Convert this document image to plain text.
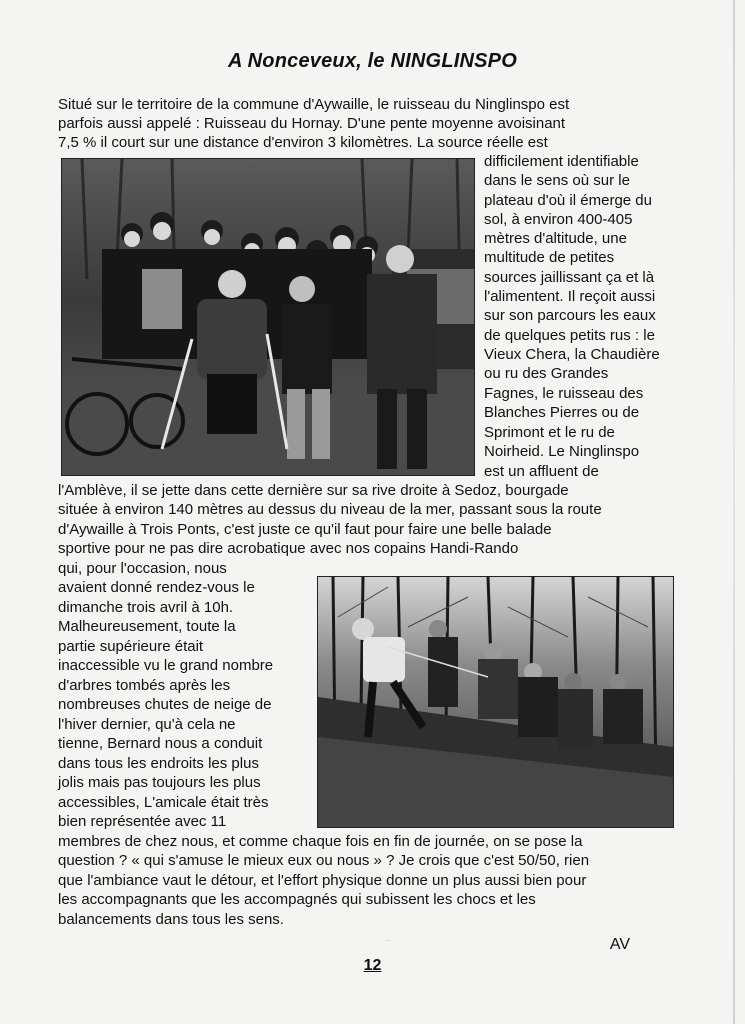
A Nonceveux, le NINGLINSPO
Situé sur le territoire de la commune d'Aywaille, le ruisseau du Ninglinspo est
parfois aussi appelé : Ruisseau du Hornay. D'une pente moyenne avoisinant
7,5 % il court sur une distance d'environ 3 kilomètres. La source réelle est
difficilement identifiable
dans le sens où sur le
plateau d'où il émerge du
sol, à environ 400-405
mètres d'altitude, une
multitude de petites
sources jaillissant ça et là
l'alimentent. Il reçoit aussi
sur son parcours les eaux
de quelques petits rus : le
Vieux Chera, la Chaudière
ou ru des Grandes
Fagnes, le ruisseau des
Blanches Pierres ou de
Sprimont et le ru de
Noirheid. Le Ninglinspo
est un affluent de
l'Amblève, il se jette dans cette dernière sur sa rive droite à Sedoz, bourgade
située à environ 140 mètres au dessus du niveau de la mer, passant sous la route
d'Aywaille à Trois Ponts, c'est juste ce qu'il faut pour faire une belle balade
sportive pour ne pas dire acrobatique avec nos copains Handi-Rando
qui, pour l'occasion, nous
avaient donné rendez-vous le
dimanche trois avril à 10h.
Malheureusement, toute la
partie supérieure était
inaccessible vu le grand nombre
d'arbres tombés après les
nombreuses chutes de neige de
l'hiver dernier, qu'à cela ne
tienne, Bernard nous a conduit
dans tous les endroits les plus
jolis mais pas toujours les plus
accessibles, L'amicale était très
bien représentée avec 11
membres de chez nous, et comme chaque fois en fin de journée, on se pose la
question ? « qui s'amuse le mieux eux ou nous » ? Je crois que c'est 50/50, rien
que l'ambiance vaut le détour, et l'effort physique donne un plus aussi bien pour
les accompagnants que les accompagnés qui subissent les chocs et les
balancements dans tous les sens.
~	AV
12
